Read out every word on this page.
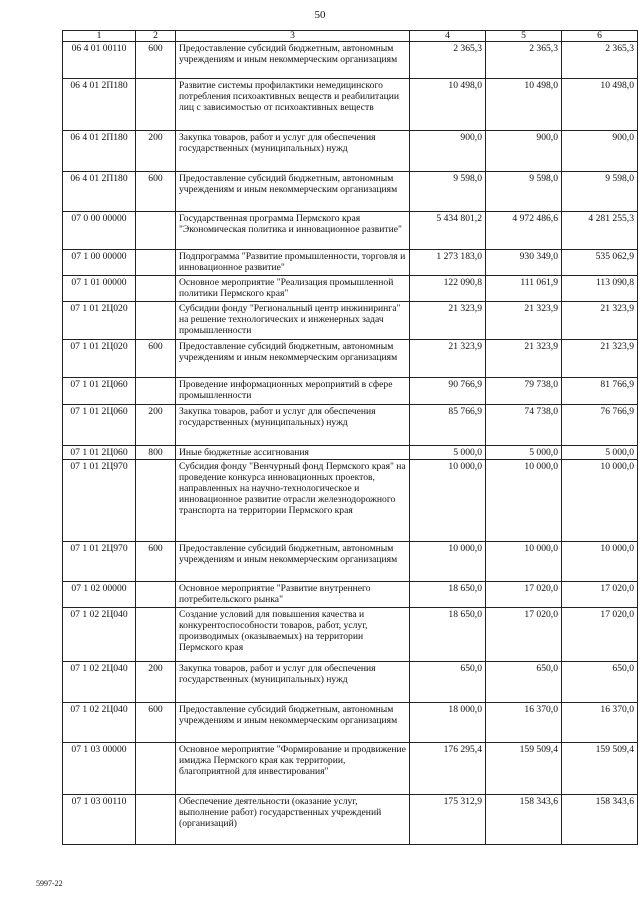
50
1	2	3	4	5	6
06 4 01 00110	600	Предоставление субсидий бюджетным, автономным учреждениям и иным некоммерческим организациям	2 365,3	2 365,3	2 365,3
06 4 01 2П180		Развитие системы профилактики немедицинского потребления психоактивных веществ и реабилитации лиц с зависимостью от психоактивных веществ	10 498,0	10 498,0	10 498,0
06 4 01 2П180	200	Закупка товаров, работ и услуг для обеспечения государственных (муниципальных) нужд	900,0	900,0	900,0
06 4 01 2П180	600	Предоставление субсидий бюджетным, автономным учреждениям и иным некоммерческим организациям	9 598,0	9 598,0	9 598,0
07 0 00 00000		Государственная программа Пермского края "Экономическая политика и инновационное развитие"	5 434 801,2	4 972 486,6	4 281 255,3
07 1 00 00000		Подпрограмма "Развитие промышленности, торговля и инновационное развитие"	1 273 183,0	930 349,0	535 062,9
07 1 01 00000		Основное мероприятие "Реализация промышленной политики Пермского края"	122 090,8	111 061,9	113 090,8
07 1 01 2Ц020		Субсидии фонду "Региональный центр инжиниринга" на решение технологических и инженерных задач промышленности	21 323,9	21 323,9	21 323,9
07 1 01 2Ц020	600	Предоставление субсидий бюджетным, автономным учреждениям и иным некоммерческим организациям	21 323,9	21 323,9	21 323,9
07 1 01 2Ц060		Проведение информационных мероприятий в сфере промышленности	90 766,9	79 738,0	81 766,9
07 1 01 2Ц060	200	Закупка товаров, работ и услуг для обеспечения государственных (муниципальных) нужд	85 766,9	74 738,0	76 766,9
07 1 01 2Ц060	800	Иные бюджетные ассигнования	5 000,0	5 000,0	5 000,0
07 1 01 2Ц970		Субсидия фонду "Венчурный фонд Пермского края" на проведение конкурса инновационных проектов, направленных на научно-технологическое и инновационное развитие отрасли железнодорожного транспорта на территории Пермского края	10 000,0	10 000,0	10 000,0
07 1 01 2Ц970	600	Предоставление субсидий бюджетным, автономным учреждениям и иным некоммерческим организациям	10 000,0	10 000,0	10 000,0
07 1 02 00000		Основное мероприятие "Развитие внутреннего потребительского рынка"	18 650,0	17 020,0	17 020,0
07 1 02 2Ц040		Создание условий для повышения качества и конкурентоспособности товаров, работ, услуг, производимых (оказываемых) на территории Пермского края	18 650,0	17 020,0	17 020,0
07 1 02 2Ц040	200	Закупка товаров, работ и услуг для обеспечения государственных (муниципальных) нужд	650,0	650,0	650,0
07 1 02 2Ц040	600	Предоставление субсидий бюджетным, автономным учреждениям и иным некоммерческим организациям	18 000,0	16 370,0	16 370,0
07 1 03 00000		Основное мероприятие "Формирование и продвижение имиджа Пермского края как территории, благоприятной для инвестирования"	176 295,4	159 509,4	159 509,4
07 1 03 00110		Обеспечение деятельности (оказание услуг, выполнение работ) государственных учреждений (организаций)	175 312,9	158 343,6	158 343,6
5997-22
